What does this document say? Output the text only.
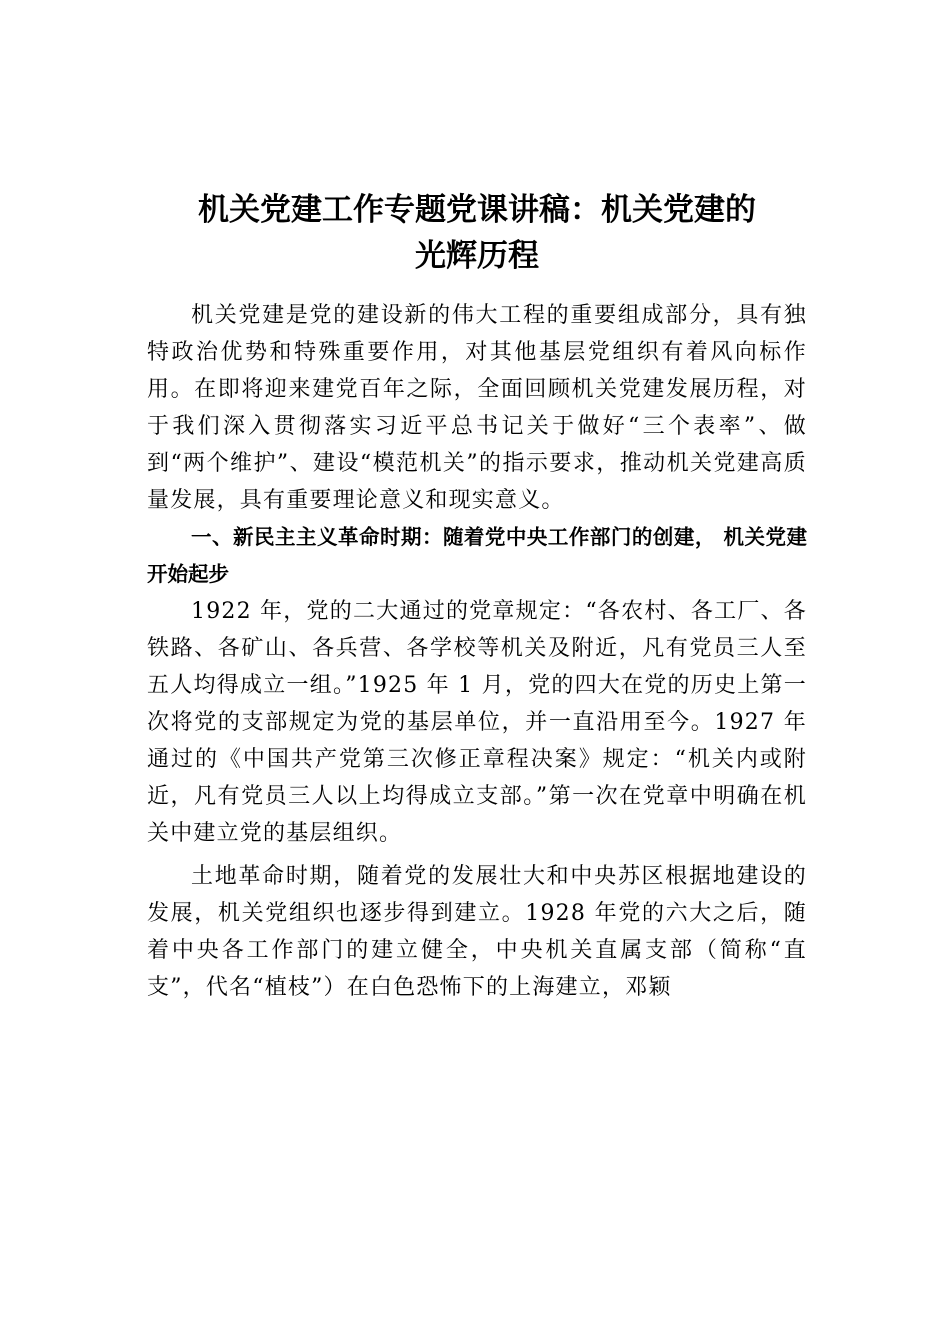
机关党建工作专题党课讲稿：机关党建的
光辉历程

机关党建是党的建设新的伟大工程的重要组成部分，具有独特政治优势和特殊重要作用，对其他基层党组织有着风向标作用。在即将迎来建党百年之际，全面回顾机关党建发展历程，对于我们深入贯彻落实习近平总书记关于做好“三个表率”、做到“两个维护”、建设“模范机关”的指示要求，推动机关党建高质量发展，具有重要理论意义和现实意义。

一、新民主主义革命时期：随着党中央工作部门的创建， 机关党建开始起步

1922 年，党的二大通过的党章规定：“各农村、各工厂、各铁路、各矿山、各兵营、各学校等机关及附近，凡有党员三人至五人均得成立一组。”1925 年 1 月，党的四大在党的历史上第一次将党的支部规定为党的基层单位，并一直沿用至今。1927 年通过的《中国共产党第三次修正章程决案》规定：“机关内或附近，凡有党员三人以上均得成立支部。”第一次在党章中明确在机关中建立党的基层组织。

土地革命时期，随着党的发展壮大和中央苏区根据地建设的发展，机关党组织也逐步得到建立。1928 年党的六大之后，随着中央各工作部门的建立健全，中央机关直属支部（简称“直支”，代名“植枝”）在白色恐怖下的上海建立，邓颖
